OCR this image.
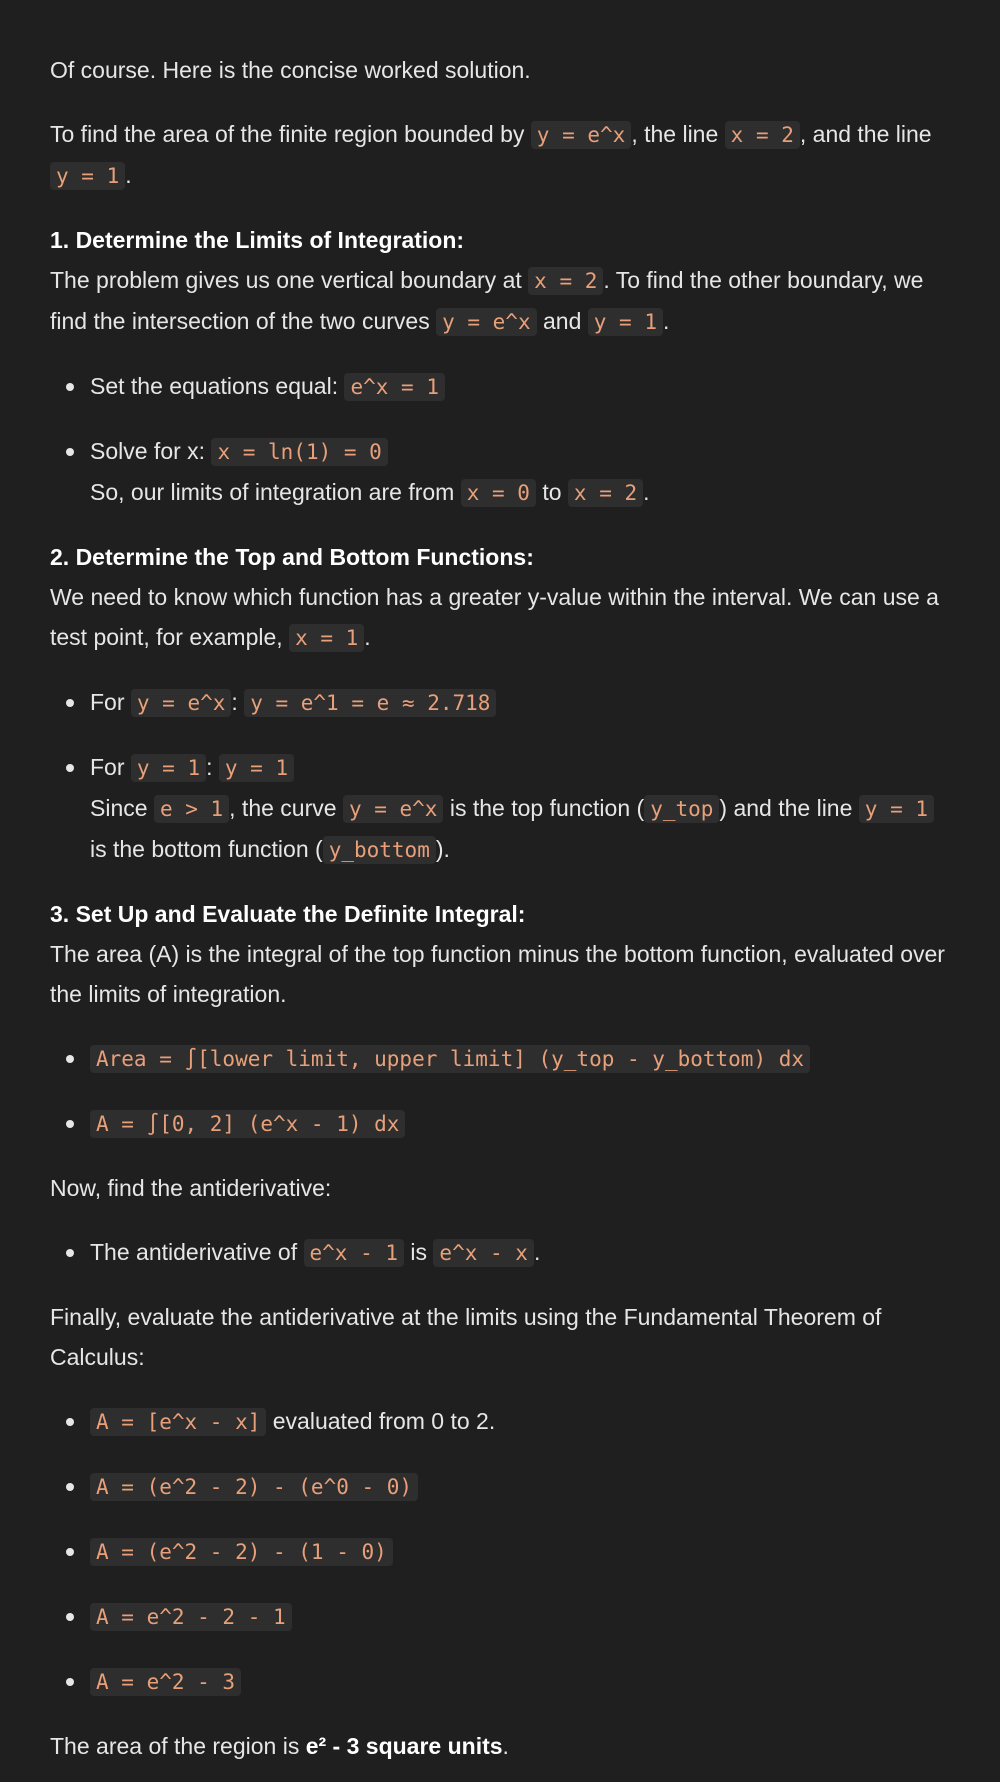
Of course. Here is the concise worked solution.

To find the area of the finite region bounded by y = e^x , the line x = 2 , and the line y = 1 .

1. Determine the Limits of Integration:

The problem gives us one vertical boundary at x = 2 . To find the other boundary, we find the intersection of the two curves y = e^x and y = 1 .

Set the equations equal: e^x = 1
Solve for x: x = ln(1) = 0
So, our limits of integration are from x = 0 to x = 2 .

2. Determine the Top and Bottom Functions:

We need to know which function has a greater y-value within the interval. We can use a test point, for example, x = 1 .

For y = e^x : y = e^1 = e ≈ 2.718
For y = 1 : y = 1
Since e > 1 , the curve y = e^x is the top function ( y_top ) and the line y = 1 is the bottom function ( y_bottom ).

3. Set Up and Evaluate the Definite Integral:

The area (A) is the integral of the top function minus the bottom function, evaluated over the limits of integration.

Area = ∫[lower limit, upper limit] (y_top - y_bottom) dx
A = ∫[0, 2] (e^x - 1) dx

Now, find the antiderivative:

The antiderivative of e^x - 1 is e^x - x .

Finally, evaluate the antiderivative at the limits using the Fundamental Theorem of Calculus:

A = [e^x - x] evaluated from 0 to 2.
A = (e^2 - 2) - (e^0 - 0)
A = (e^2 - 2) - (1 - 0)
A = e^2 - 2 - 1
A = e^2 - 3

The area of the region is e² - 3 square units.
